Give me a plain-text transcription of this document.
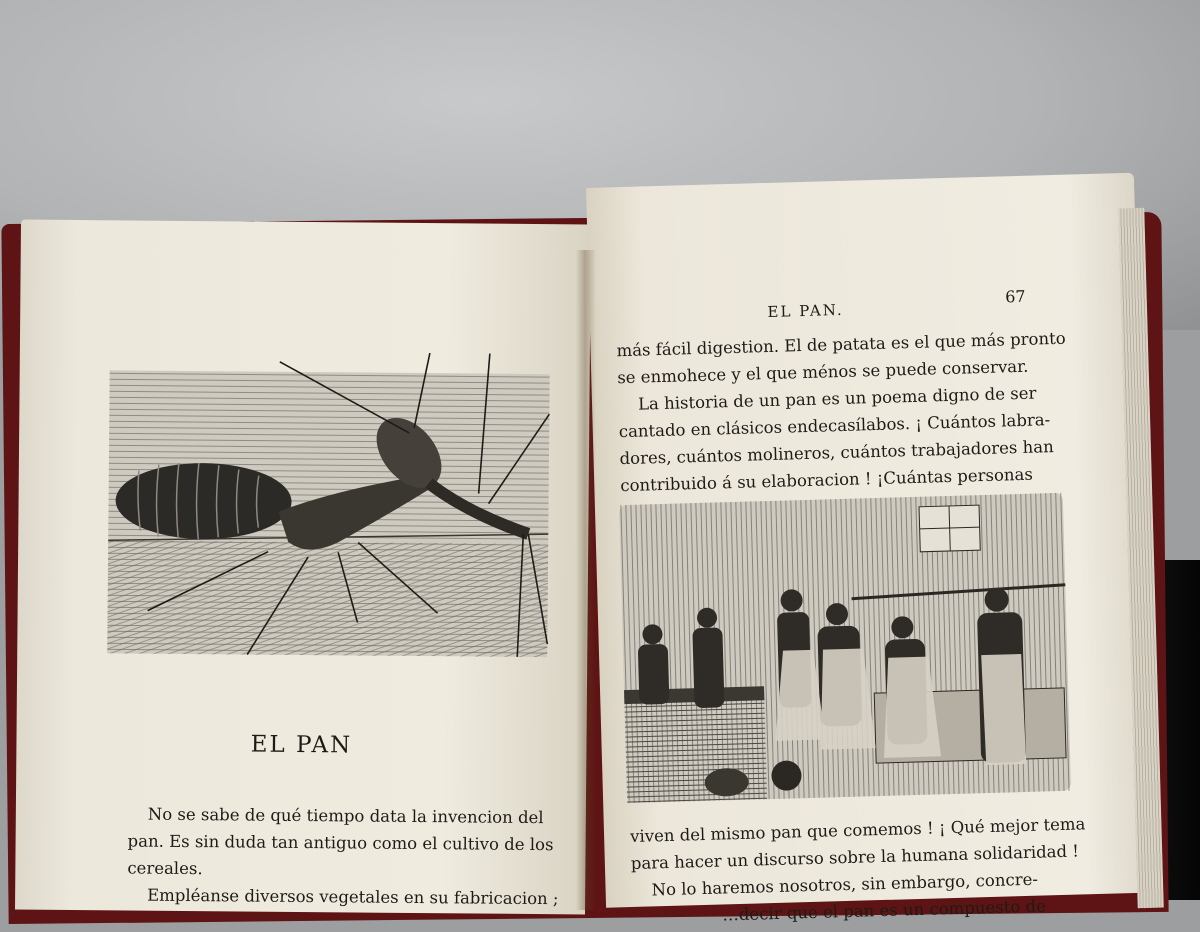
EL PAN
No se sabe de qué tiempo data la invencion del
pan. Es sin duda tan antiguo como el cultivo de los
cereales.
Empléanse diversos vegetales en su fabricacion ;
EL PAN.
67
más fácil digestion. El de patata es el que más pronto
se enmohece y el que ménos se puede conservar.
La historia de un pan es un poema digno de ser
cantado en clásicos endecasílabos. ¡ Cuántos labra-
dores, cuántos molineros, cuántos trabajadores han
contribuido á su elaboracion ! ¡Cuántas personas
viven del mismo pan que comemos ! ¡ Qué mejor tema
para hacer un discurso sobre la humana solidaridad !
No lo haremos nosotros, sin embargo, concre-
…decir que el pan es un compuesto de
